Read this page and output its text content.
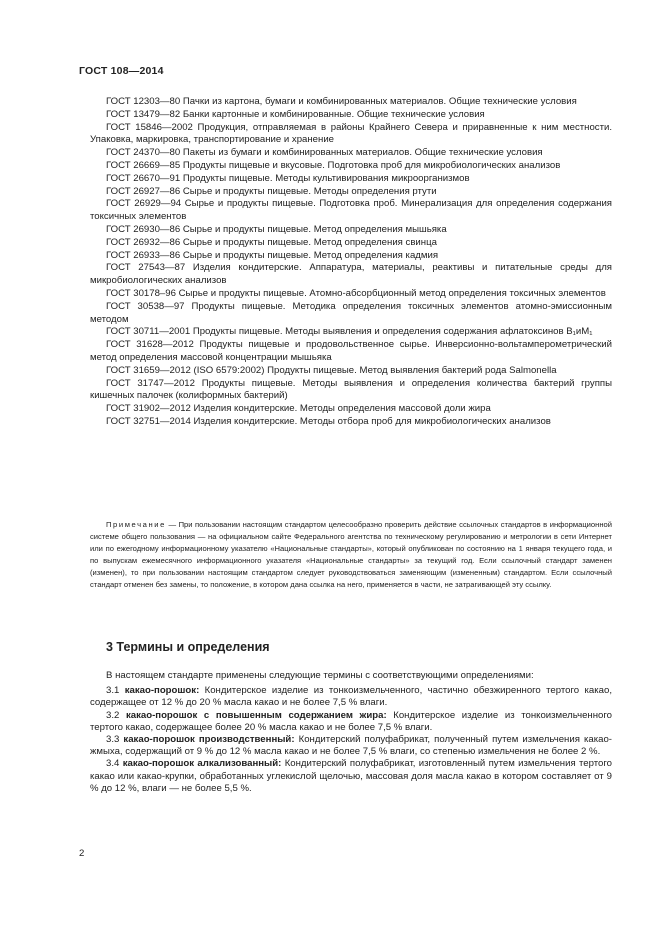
ГОСТ 108—2014

ГОСТ 12303—80 Пачки из картона, бумаги и комбинированных материалов. Общие технические условия

ГОСТ 13479—82 Банки картонные и комбинированные. Общие технические условия

ГОСТ 15846—2002 Продукция, отправляемая в районы Крайнего Севера и приравненные к ним местности. Упаковка, маркировка, транспортирование и хранение

ГОСТ 24370—80 Пакеты из бумаги и комбинированных материалов. Общие технические условия

ГОСТ 26669—85 Продукты пищевые и вкусовые. Подготовка проб для микробиологических анализов

ГОСТ 26670—91 Продукты пищевые. Методы культивирования микроорганизмов

ГОСТ 26927—86 Сырье и продукты пищевые. Методы определения ртути

ГОСТ 26929—94 Сырье и продукты пищевые. Подготовка проб. Минерализация для определения содержания токсичных элементов

ГОСТ 26930—86 Сырье и продукты пищевые. Метод определения мышьяка

ГОСТ 26932—86 Сырье и продукты пищевые. Метод определения свинца

ГОСТ 26933—86 Сырье и продукты пищевые. Метод определения кадмия

ГОСТ 27543—87 Изделия кондитерские. Аппаратура, материалы, реактивы и питательные среды для микробиологических анализов

ГОСТ 30178–96 Сырье и продукты пищевые. Атомно-абсорбционный метод определения токсичных элементов

ГОСТ 30538—97 Продукты пищевые. Методика определения токсичных элементов атомно-эмиссионным методом

ГОСТ 30711—2001 Продукты пищевые. Методы выявления и определения содержания афлатоксинов B₁иM₁

ГОСТ 31628—2012 Продукты пищевые и продовольственное сырье. Инверсионно-вольтамперометрический метод определения массовой концентрации мышьяка

ГОСТ 31659—2012 (ISO 6579:2002) Продукты пищевые. Метод выявления бактерий рода Salmonella

ГОСТ 31747—2012 Продукты пищевые. Методы выявления и определения количества бактерий группы кишечных палочек (колиформных бактерий)

ГОСТ 31902—2012 Изделия кондитерские. Методы определения массовой доли жира

ГОСТ 32751—2014 Изделия кондитерские. Методы отбора проб для микробиологических анализов

Примечание — При пользовании настоящим стандартом целесообразно проверить действие ссылочных стандартов в информационной системе общего пользования — на официальном сайте Федерального агентства по техническому регулированию и метрологии в сети Интернет или по ежегодному информационному указателю «Национальные стандарты», который опубликован по состоянию на 1 января текущего года, и по выпускам ежемесячного информационного указателя «Национальные стандарты» за текущий год. Если ссылочный стандарт заменен (изменен), то при пользовании настоящим стандартом следует руководствоваться заменяющим (измененным) стандартом. Если ссылочный стандарт отменен без замены, то положение, в котором дана ссылка на него, применяется в части, не затрагивающей эту ссылку.
3 Термины и определения

В настоящем стандарте применены следующие термины с соответствующими определениями:

3.1 какао-порошок: Кондитерское изделие из тонкоизмельченного, частично обезжиренного тертого какао, содержащее от 12 % до 20 % масла какао и не более 7,5 % влаги.

3.2 какао-порошок с повышенным содержанием жира: Кондитерское изделие из тонкоизмельченного тертого какао, содержащее более 20 % масла какао и не более 7,5 % влаги.

3.3 какао-порошок производственный: Кондитерский полуфабрикат, полученный путем измельчения какао-жмыха, содержащий от 9 % до 12 % масла какао и не более 7,5 % влаги, со степенью измельчения не более 2 %.

3.4 какао-порошок алкализованный: Кондитерский полуфабрикат, изготовленный путем измельчения тертого какао или какао-крупки, обработанных углекислой щелочью, массовая доля масла какао в котором составляет от 9 % до 12 %, влаги — не более 5,5 %.

2
